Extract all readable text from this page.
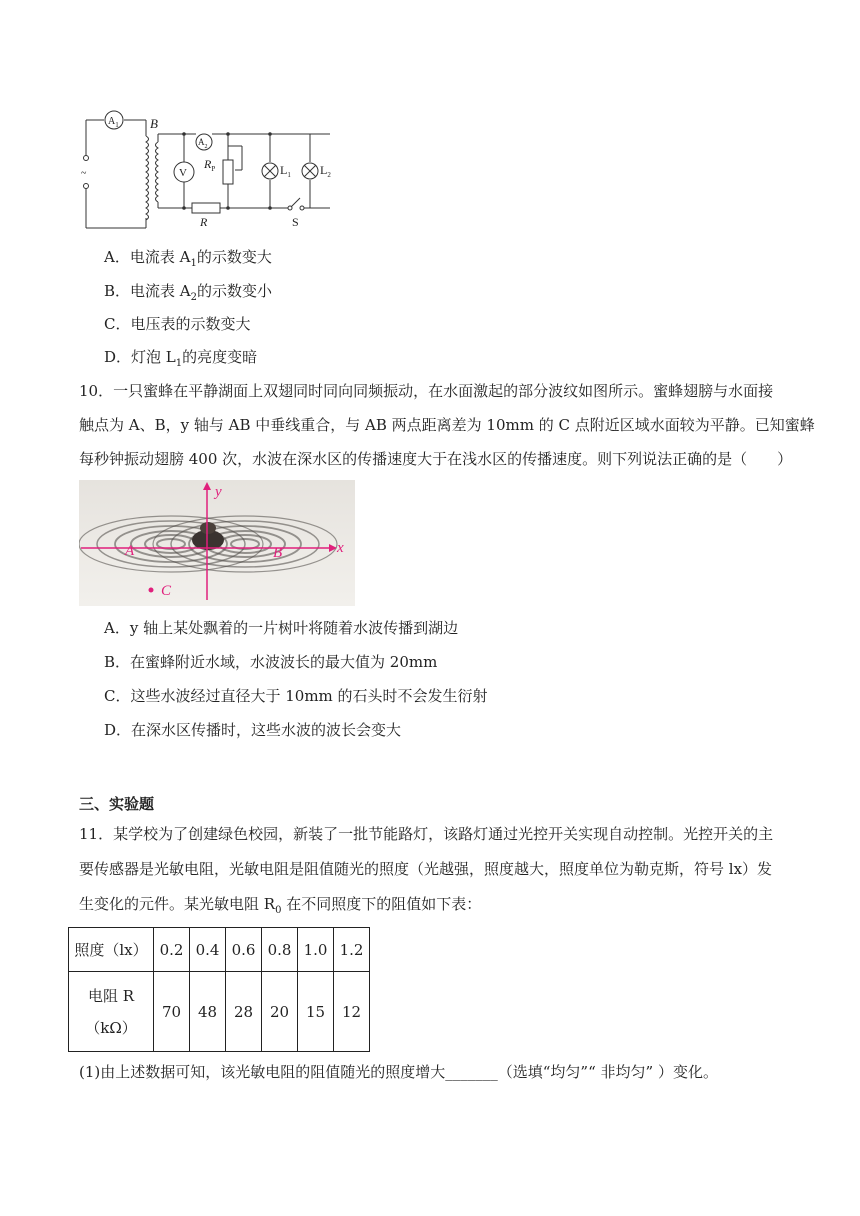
$A_1$ B
$A_2$
V
$R_P$	$L_1$ $L_2$
R	S
~
A．电流表 $A_1$的示数变大
B．电流表 $A_2$的示数变小
C．电压表的示数变大
D．灯泡 $L_1$的亮度变暗
10．一只蜜蜂在平静湖面上双翅同时同向同频振动，在水面激起的部分波纹如图所示。蜜蜂翅膀与水面接
触点为 A、B，y 轴与 AB 中垂线重合，与 AB 两点距离差为 10mm 的 C 点附近区域水面较为平静。已知蜜蜂
每秒钟振动翅膀 400 次，水波在深水区的传播速度大于在浅水区的传播速度。则下列说法正确的是（　　）
y
x
A	B
C
A．y 轴上某处飘着的一片树叶将随着水波传播到湖边
B．在蜜蜂附近水域，水波波长的最大值为 20mm
C．这些水波经过直径大于 10mm 的石头时不会发生衍射
D．在深水区传播时，这些水波的波长会变大
三、实验题
11．某学校为了创建绿色校园，新装了一批节能路灯，该路灯通过光控开关实现自动控制。光控开关的主
要传感器是光敏电阻，光敏电阻是阻值随光的照度（光越强，照度越大，照度单位为勒克斯，符号 lx）发
生变化的元件。某光敏电阻 $R_0$ 在不同照度下的阻值如下表：
照度（lx）	0.2	0.4	0.6	0.8	1.0	1.2

电阻 R
（kΩ）	70	48	28	20	15	12
(1)由上述数据可知，该光敏电阻的阻值随光的照度增大_______（选填“均匀”“ 非均匀” ）变化。
